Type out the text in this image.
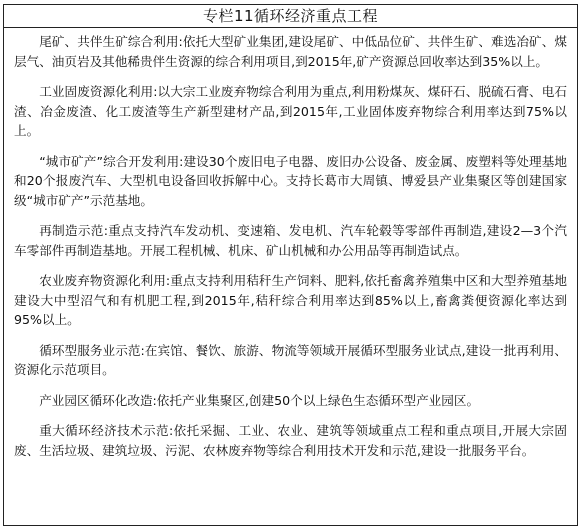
专栏11循环经济重点工程

尾矿、共伴生矿综合利用:依托大型矿业集团,建设尾矿、中低品位矿、共伴生矿、难选冶矿、煤层气、油页岩及其他稀贵伴生资源的综合利用项目,到2015年,矿产资源总回收率达到35%以上。

工业固废资源化利用:以大宗工业废弃物综合利用为重点,利用粉煤灰、煤矸石、脱硫石膏、电石渣、冶金废渣、化工废渣等生产新型建材产品,到2015年,工业固体废弃物综合利用率达到75%以上。

“城市矿产”综合开发利用:建设30个废旧电子电器、废旧办公设备、废金属、废塑料等处理基地和20个报废汽车、大型机电设备回收拆解中心。支持长葛市大周镇、博爱县产业集聚区等创建国家级“城市矿产”示范基地。

再制造示范:重点支持汽车发动机、变速箱、发电机、汽车轮毂等零部件再制造,建设2—3个汽车零部件再制造基地。开展工程机械、机床、矿山机械和办公用品等再制造试点。

农业废弃物资源化利用:重点支持利用秸秆生产饲料、肥料,依托畜禽养殖集中区和大型养殖基地建设大中型沼气和有机肥工程,到2015年,秸秆综合利用率达到85%以上,畜禽粪便资源化率达到95%以上。

循环型服务业示范:在宾馆、餐饮、旅游、物流等领域开展循环型服务业试点,建设一批再利用、资源化示范项目。

产业园区循环化改造:依托产业集聚区,创建50个以上绿色生态循环型产业园区。

重大循环经济技术示范:依托采掘、工业、农业、建筑等领域重点工程和重点项目,开展大宗固废、生活垃圾、建筑垃圾、污泥、农林废弃物等综合利用技术开发和示范,建设一批服务平台。
